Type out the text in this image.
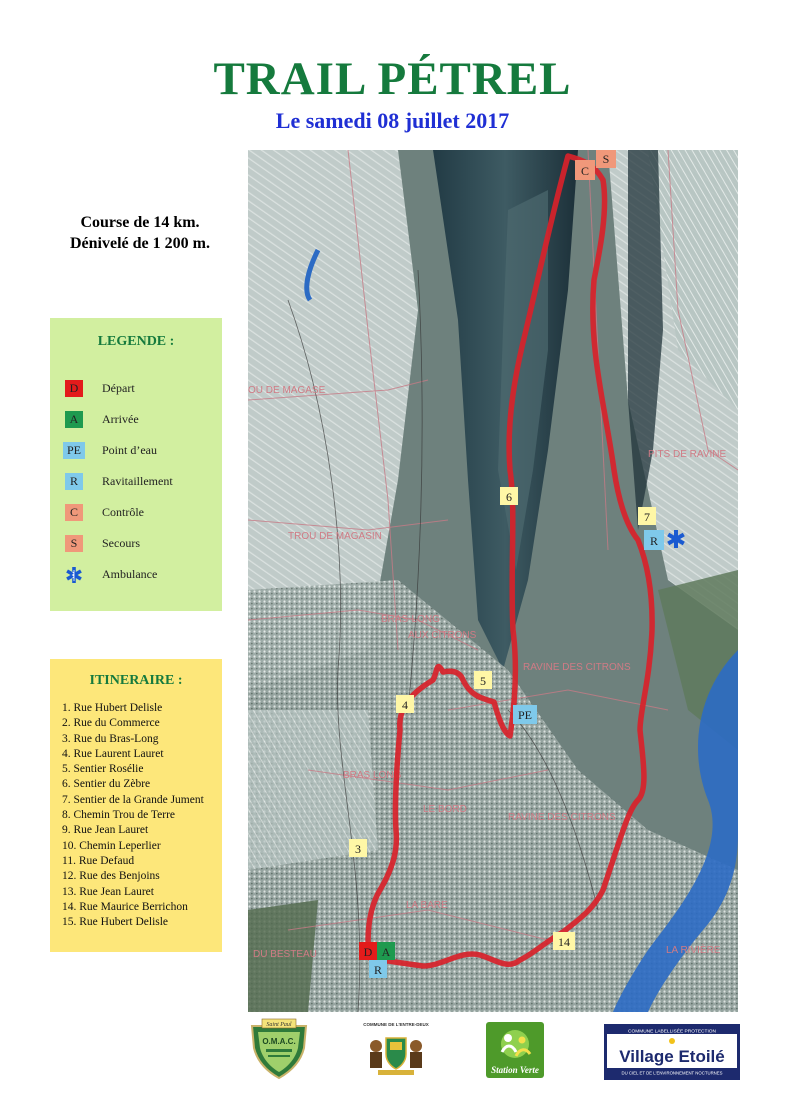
TRAIL PÉTREL
Le samedi 08 juillet 2017
Course de 14 km.
Dénivelé de 1 200 m.
LEGENDE :
D	Départ
A	Arrivée
PE	Point d’eau
R	Ravitaillement
C	Contrôle
S	Secours
Ambulance
ITINERAIRE :
1. Rue Hubert Delisle
2. Rue du Commerce
3. Rue du Bras-Long
4. Rue Laurent Lauret
5. Sentier Rosélie
6. Sentier du Zèbre
7. Sentier de la Grande Jument
8. Chemin Trou de Terre
9. Rue Jean Lauret
10. Chemin Leperlier
11. Rue Defaud
12. Rue des Benjoins
13. Rue Jean Lauret
14. Rue Maurice Berrichon
15. Rue Hubert Delisle
OU DE MAGASE
TROU DE MAGASIN
BRAS-LONG
RAVINE DES CITRONS
BRAS LONG
LE BORD
RAVINE DES CITRONS
LA BARE
AUX CITRONS
PITS DE RAVINE
DU BESTEAU	LA RIVIÈRE
C
S
6
7
R
5
4
PE
3
14
D A
R
Saint Paul
O.M.A.C.
COMMUNE DE L'ENTRE-DEUX
Station Verte
COMMUNE LABELLISÉE PROTECTION
Village Etoilé
DU CIEL ET DE L'ENVIRONNEMENT NOCTURNES
